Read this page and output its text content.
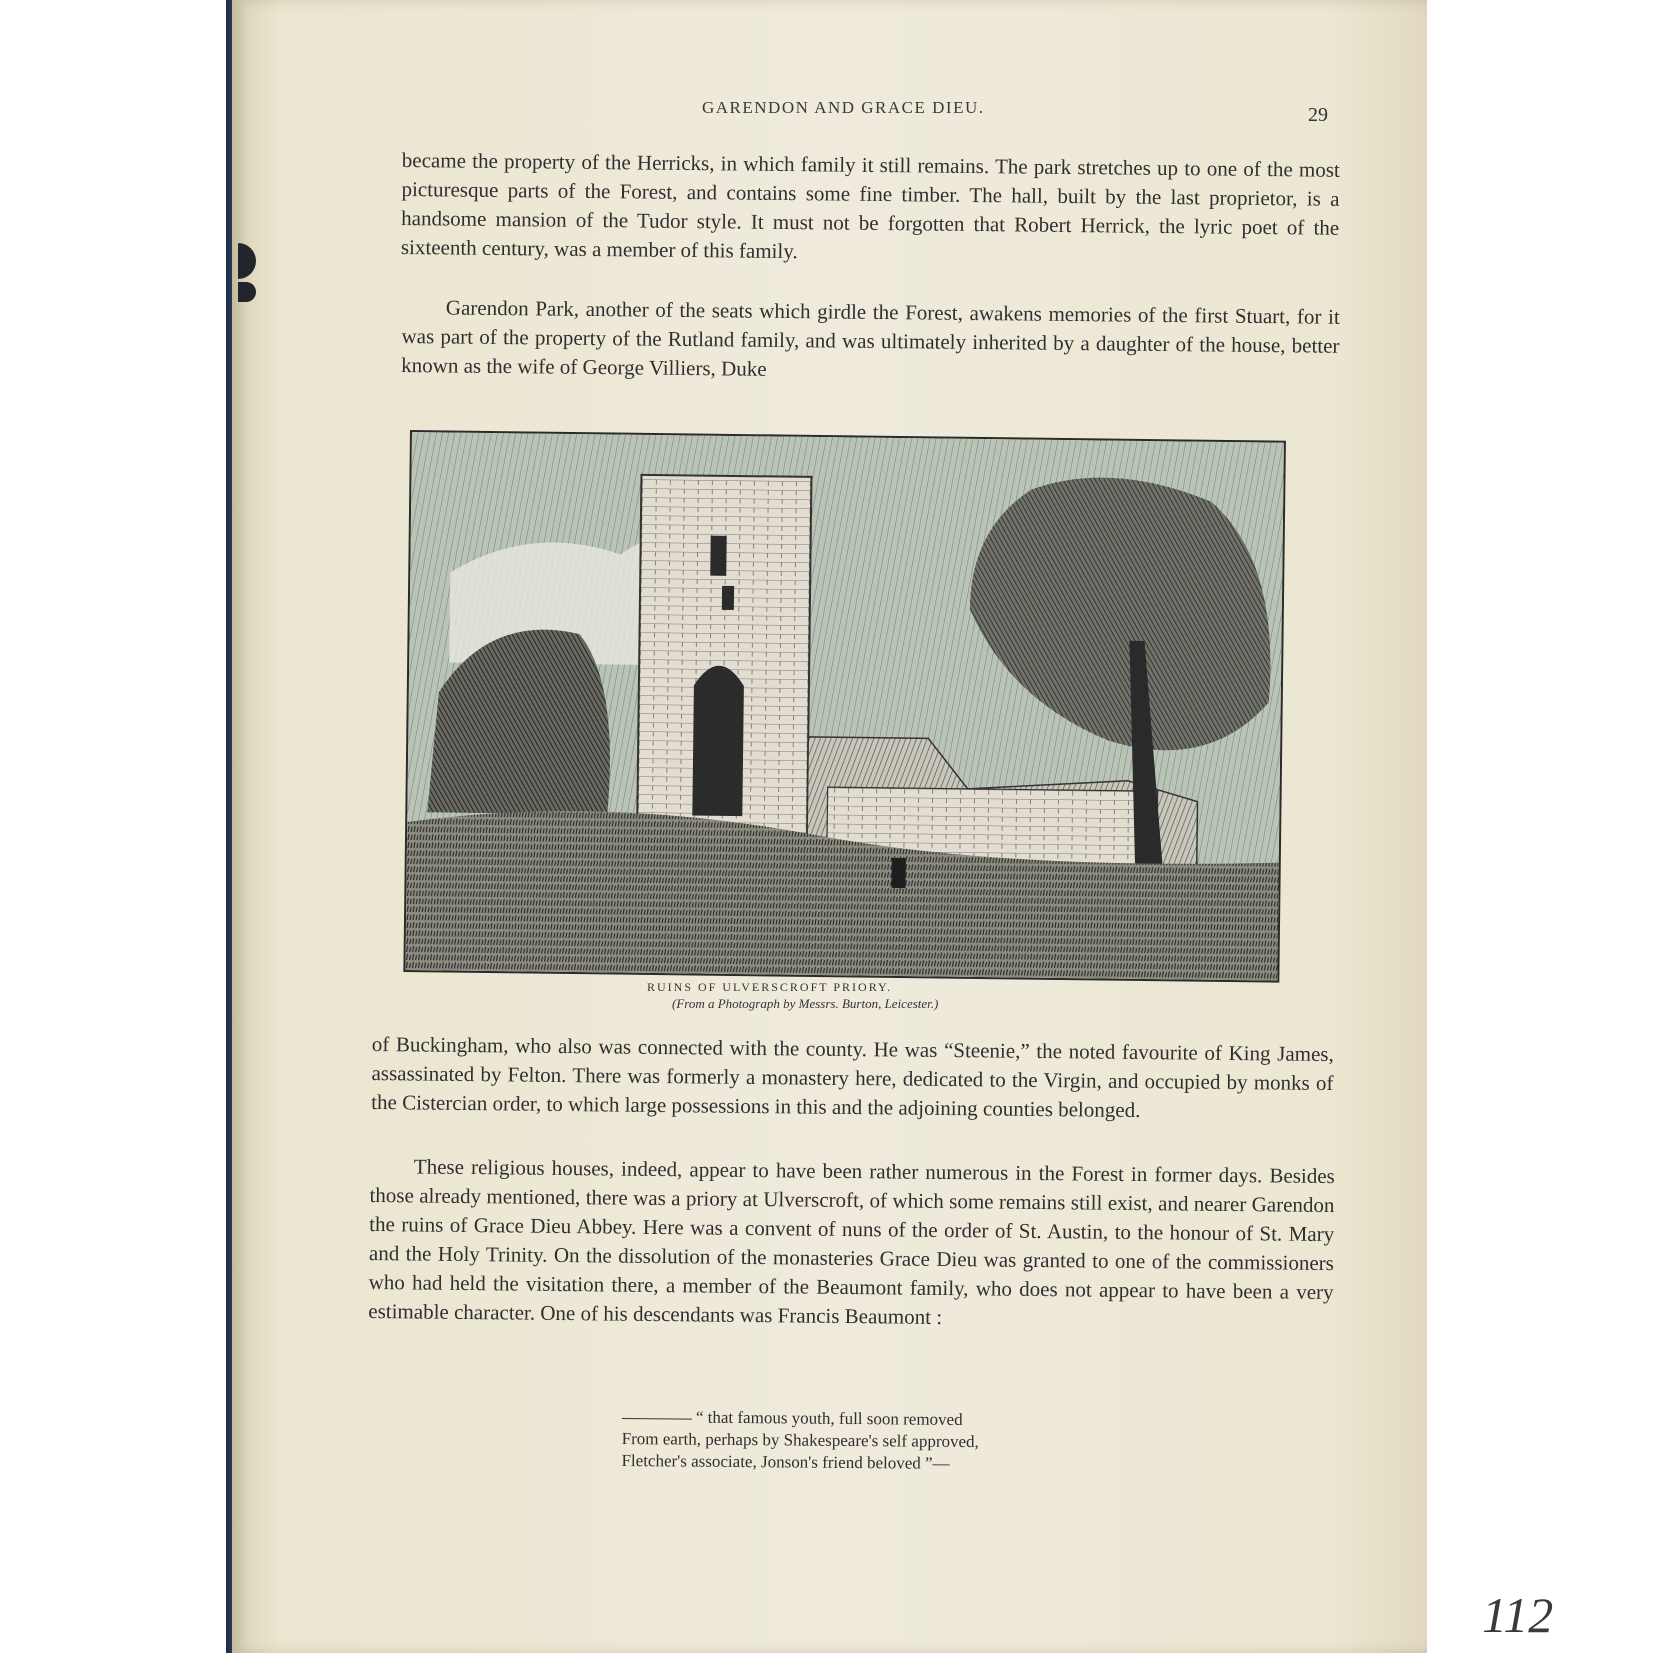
GARENDON AND GRACE DIEU.	29

became the property of the Herricks, in which family it still remains. The park stretches up to one of the most picturesque parts of the Forest, and contains some fine timber. The hall, built by the last proprietor, is a handsome mansion of the Tudor style. It must not be forgotten that Robert Herrick, the lyric poet of the sixteenth century, was a member of this family.

Garendon Park, another of the seats which girdle the Forest, awakens memories of the first Stuart, for it was part of the property of the Rutland family, and was ultimately inherited by a daughter of the house, better known as the wife of George Villiers, Duke

RUINS OF ULVERSCROFT PRIORY.
(From a Photograph by Messrs. Burton, Leicester.)

of Buckingham, who also was connected with the county. He was “Steenie,” the noted favourite of King James, assassinated by Felton. There was formerly a monastery here, dedicated to the Virgin, and occupied by monks of the Cistercian order, to which large possessions in this and the adjoining counties belonged.

These religious houses, indeed, appear to have been rather numerous in the Forest in former days. Besides those already mentioned, there was a priory at Ulverscroft, of which some remains still exist, and nearer Garendon the ruins of Grace Dieu Abbey. Here was a convent of nuns of the order of St. Austin, to the honour of St. Mary and the Holy Trinity. On the dissolution of the monasteries Grace Dieu was granted to one of the commissioners who had held the visitation there, a member of the Beaumont family, who does not appear to have been a very estimable character. One of his descendants was Francis Beaumont :

“ that famous youth, full soon removed
From earth, perhaps by Shakespeare's self approved,
Fletcher's associate, Jonson's friend beloved ”—
112
